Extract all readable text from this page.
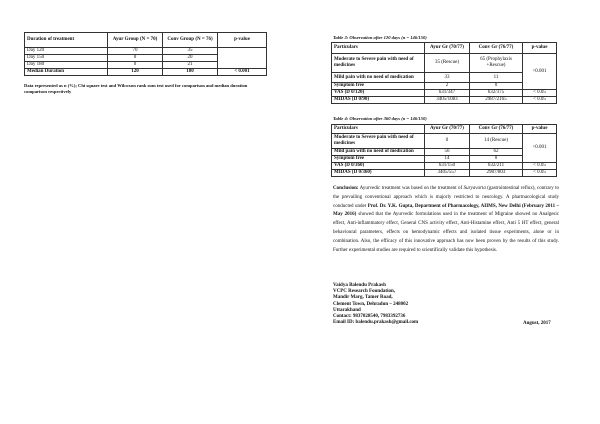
Duration of treatment	Ayur Group (N = 70)	Conv Group (N = 76)	p-value
Day 120	70	35	
Day 150	0	20	
Day 180	0	21	
Median Duration	120	180	< 0.001
Data represented as n (%); Chi square test and Wilcoxon rank sum test used for comparison and median duration comparison respectively
Table 3: Observation after 120 days (n = 146/150)
Particulars	Ayur Gr (70/77)	Conv Gr (76/77)	p-value
Moderate to Severe pain with need of medicines	35 (Rescue)	65 (Prophylaxis +Rescue)	<0.001
Mild pain with no need of medication	33	11	
Symptom free	2	0	
VAS (D 0/120)	631/347	632/375	< 0.05
MIDAS (D 0/90)	3405/1083	2987/2165	< 0.05
Table 4: Observation after 360 days (n = 146/150)
Particulars	Ayur Gr (70/77)	Conv Gr (76/77)	p-value
Moderate to Severe pain with need of medicines	0	14 (Rescue)	<0.001
Mild pain with no need of medication	56	62	
Symptom free	14	0	
VAS (D 0/360)	631/150	632/211	< 0.05
MIDAS (D 0/360)	3405/557	2987/803	< 0.05
Conclusion: Ayurvedic treatment was based on the treatment of Suryavarta (gastrointestinal reflux), contrary to the prevailing conventional approach which is majorly restricted to neurology. A pharmacological study conducted under Prof. Dr. Y.K. Gupta, Department of Pharmacology, AIIMS, New Delhi (February 2011 – May 2016) showed that the Ayurvedic formulations used in the treatment of Migraine showed no Analgesic effect, Anti-inflammatory effect, General CNS activity effect, Anti-Histamine effect, Anti 5 HT effect, general behavioural parameters, effects on hemodynamic effects and isolated tissue experiments, alone or in combination. Also, the efficacy of this innovative approach has now been proven by the results of this study. Further experimental studies are required to scientifically validate this hypothesis.
Vaidya Balendu Prakash
VCPC Research Foundation,
Mandir Marg, Tamer Road,
Clement Town, Dehradun – 248002
Uttarakhand
Contact: 9837028540, 7983392736
Email ID: balendu.prakash@gmail.com	August, 2017
